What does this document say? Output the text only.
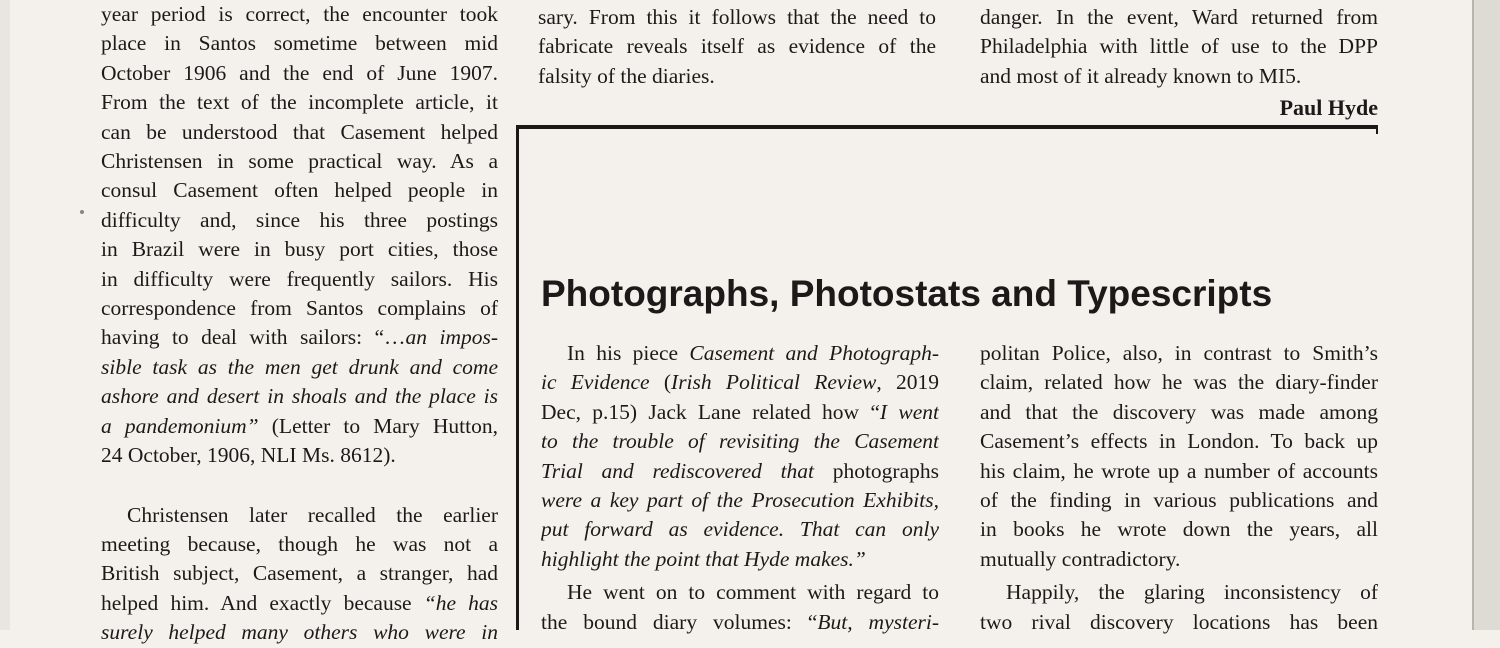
year period is correct, the encounter took
place in Santos sometime between mid
October 1906 and the end of June 1907.
From the text of the incomplete article, it
can be understood that Casement helped
Christensen in some practical way. As a
consul Casement often helped people in
difficulty and, since his three postings
in Brazil were in busy port cities, those
in difficulty were frequently sailors. His
correspondence from Santos complains of
having to deal with sailors: “…an impos-
sible task as the men get drunk and come
ashore and desert in shoals and the place is
a pandemonium” (Letter to Mary Hutton,
24 October, 1906, NLI Ms. 8612).
Christensen later recalled the earlier
meeting because, though he was not a
British subject, Casement, a stranger, had
helped him. And exactly because “he has
surely helped many others who were in
sary. From this it follows that the need to
fabricate reveals itself as evidence of the
falsity of the diaries.
danger. In the event, Ward returned from
Philadelphia with little of use to the DPP
and most of it already known to MI5.
Paul Hyde
Photographs, Photostats and Typescripts
In his piece Casement and Photograph-
ic Evidence (Irish Political Review, 2019
Dec, p.15) Jack Lane related how “I went
to the trouble of revisiting the Casement
Trial and rediscovered that photographs
were a key part of the Prosecution Exhibits,
put forward as evidence. That can only
highlight the point that Hyde makes.”
He went on to comment with regard to
the bound diary volumes: “But, mysteri-
politan Police, also, in contrast to Smith’s
claim, related how he was the diary-finder
and that the discovery was made among
Casement’s effects in London. To back up
his claim, he wrote up a number of accounts
of the finding in various publications and
in books he wrote down the years, all
mutually contradictory.
Happily, the glaring inconsistency of
two rival discovery locations has been
